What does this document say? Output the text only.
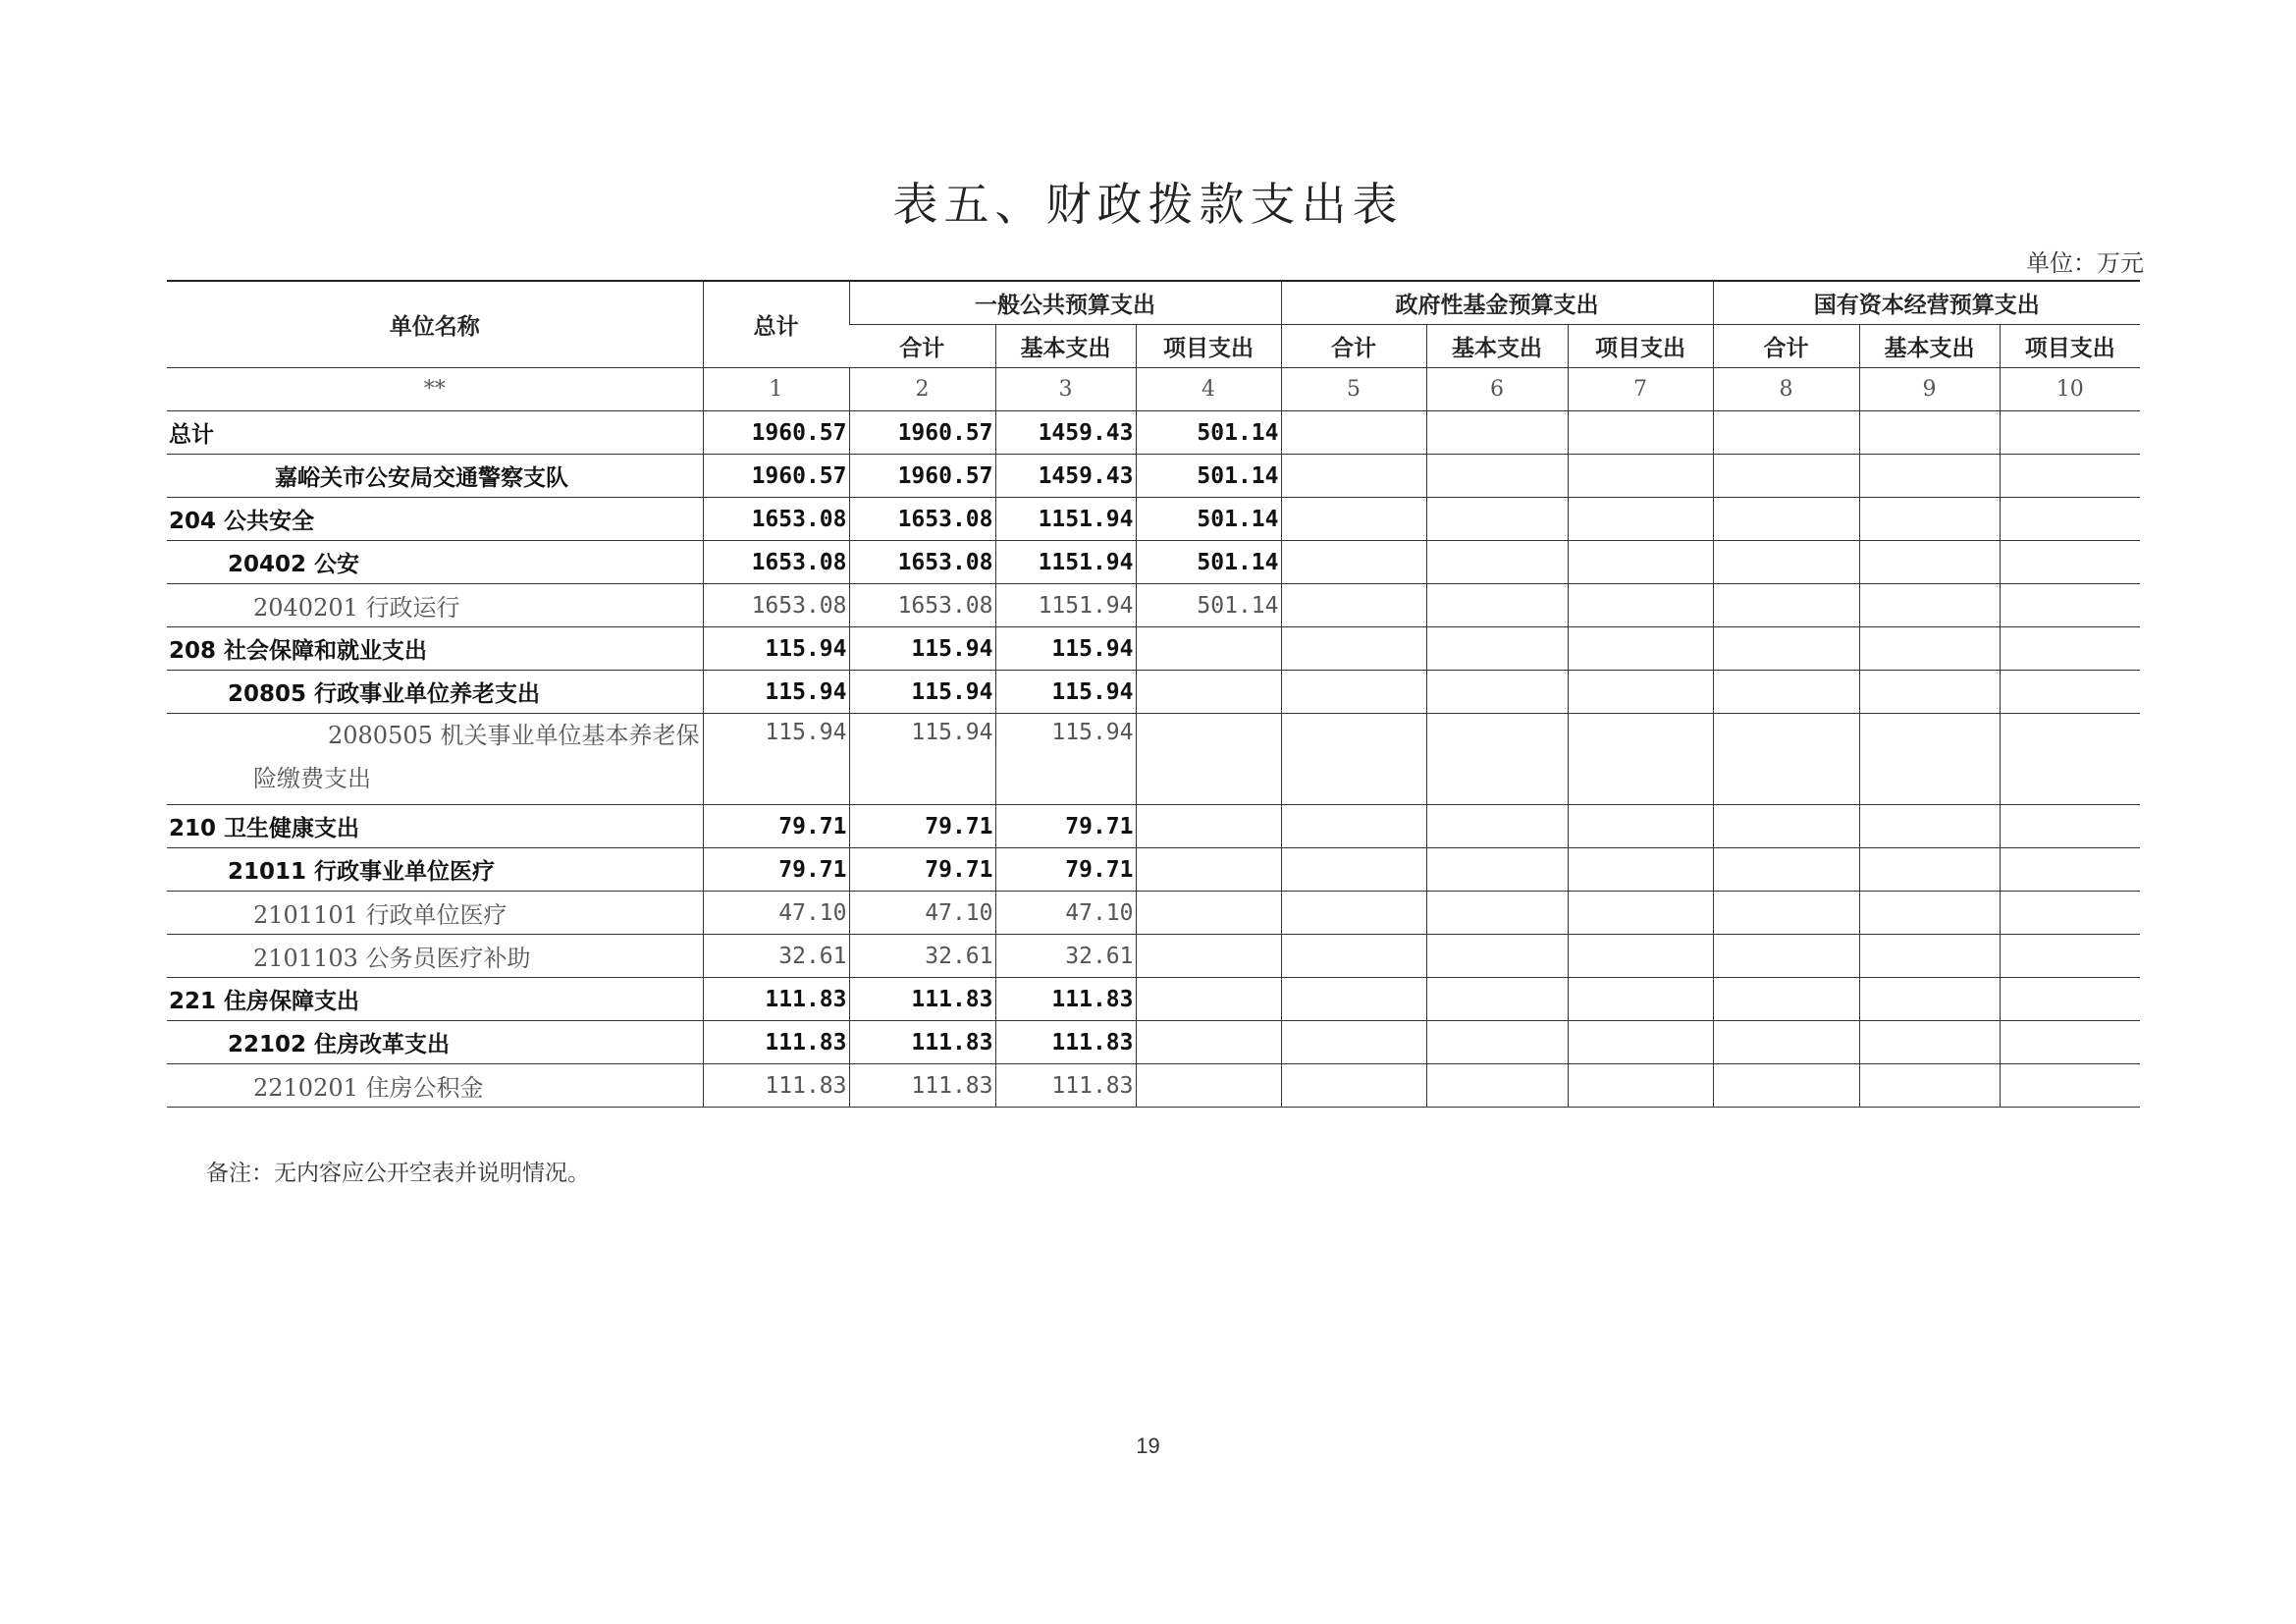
表五、财政拨款支出表
单位：万元
单位名称	总计	一般公共预算支出			政府性基金预算支出			国有资本经营预算支出		
		合计	基本支出	项目支出	合计	基本支出	项目支出	合计	基本支出	项目支出
**	1	2	3	4	5	6	7	8	9	10
总计	1960.57	1960.57	1459.43	501.14						
嘉峪关市公安局交通警察支队	1960.57	1960.57	1459.43	501.14						
204 公共安全	1653.08	1653.08	1151.94	501.14						
20402 公安	1653.08	1653.08	1151.94	501.14						
2040201 行政运行	1653.08	1653.08	1151.94	501.14						
208 社会保障和就业支出	115.94	115.94	115.94							
20805 行政事业单位养老支出	115.94	115.94	115.94							
2080505 机关事业单位基本养老保险缴费支出	115.94	115.94	115.94							
210 卫生健康支出	79.71	79.71	79.71							
21011 行政事业单位医疗	79.71	79.71	79.71							
2101101 行政单位医疗	47.10	47.10	47.10							
2101103 公务员医疗补助	32.61	32.61	32.61							
221 住房保障支出	111.83	111.83	111.83							
22102 住房改革支出	111.83	111.83	111.83							
2210201 住房公积金	111.83	111.83	111.83							
备注：无内容应公开空表并说明情况。
19
